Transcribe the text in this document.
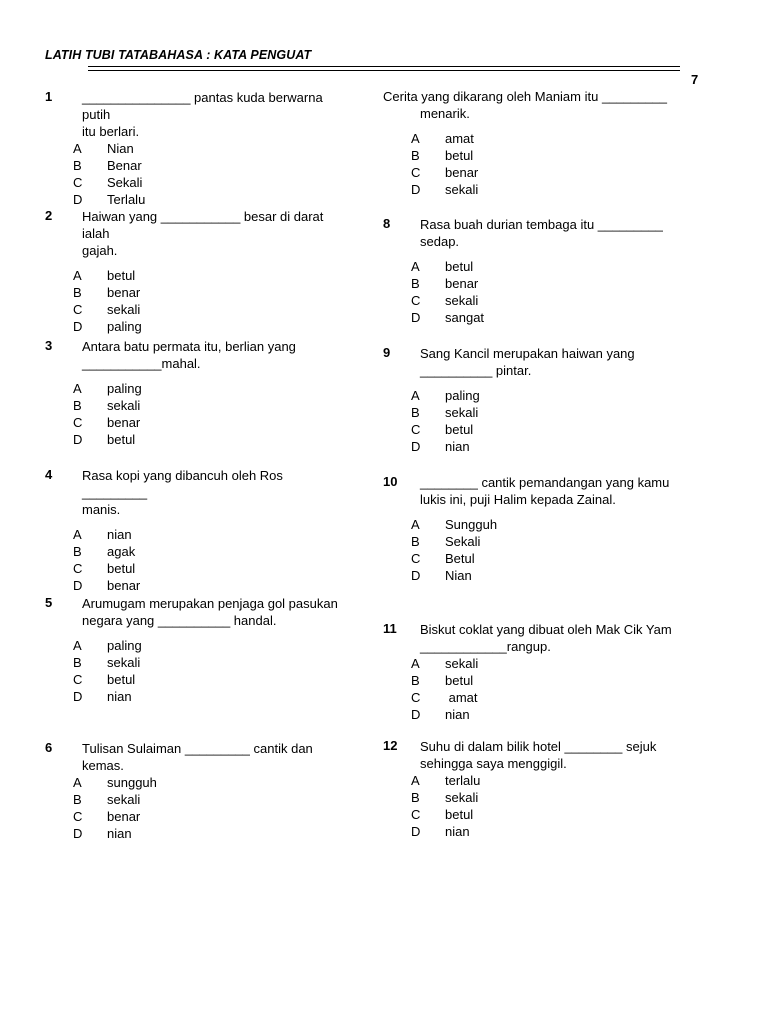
LATIH TUBI TATABAHASA : KATA PENGUAT
7
1	_______________ pantas kuda berwarna putih
itu berlari.
A	Nian
B	Benar
C	Sekali
D	Terlalu
2	Haiwan yang ___________ besar di darat ialah
gajah.
A	betul
B	benar
C	sekali
D	paling
3	Antara batu permata itu, berlian yang
___________mahal.
A	paling
B	sekali
C	benar
D	betul
4	Rasa kopi yang dibancuh oleh Ros _________
manis.
A	nian
B	agak
C	betul
D	benar
5	Arumugam merupakan penjaga gol pasukan
negara yang __________ handal.
A	paling
B	sekali
C	betul
D	nian
6	Tulisan Sulaiman _________ cantik dan
kemas.
A	sungguh
B	sekali
C	benar
D	nian
Cerita yang dikarang oleh Maniam itu _________
menarik.
A	amat
B	betul
C	benar
D	sekali
8	Rasa buah durian tembaga itu _________
sedap.
A	betul
B	benar
C	sekali
D	sangat
9	Sang Kancil merupakan haiwan yang
__________ pintar.
A	paling
B	sekali
C	betul
D	nian
10	________ cantik pemandangan yang kamu
lukis ini, puji Halim kepada Zainal.
A	Sungguh
B	Sekali
C	Betul
D	Nian
11	Biskut coklat yang dibuat oleh Mak Cik Yam
____________rangup.
A	sekali
B	betul
C	amat
D	nian
12	Suhu di dalam bilik hotel ________ sejuk
sehingga saya menggigil.
A	terlalu
B	sekali
C	betul
D	nian
